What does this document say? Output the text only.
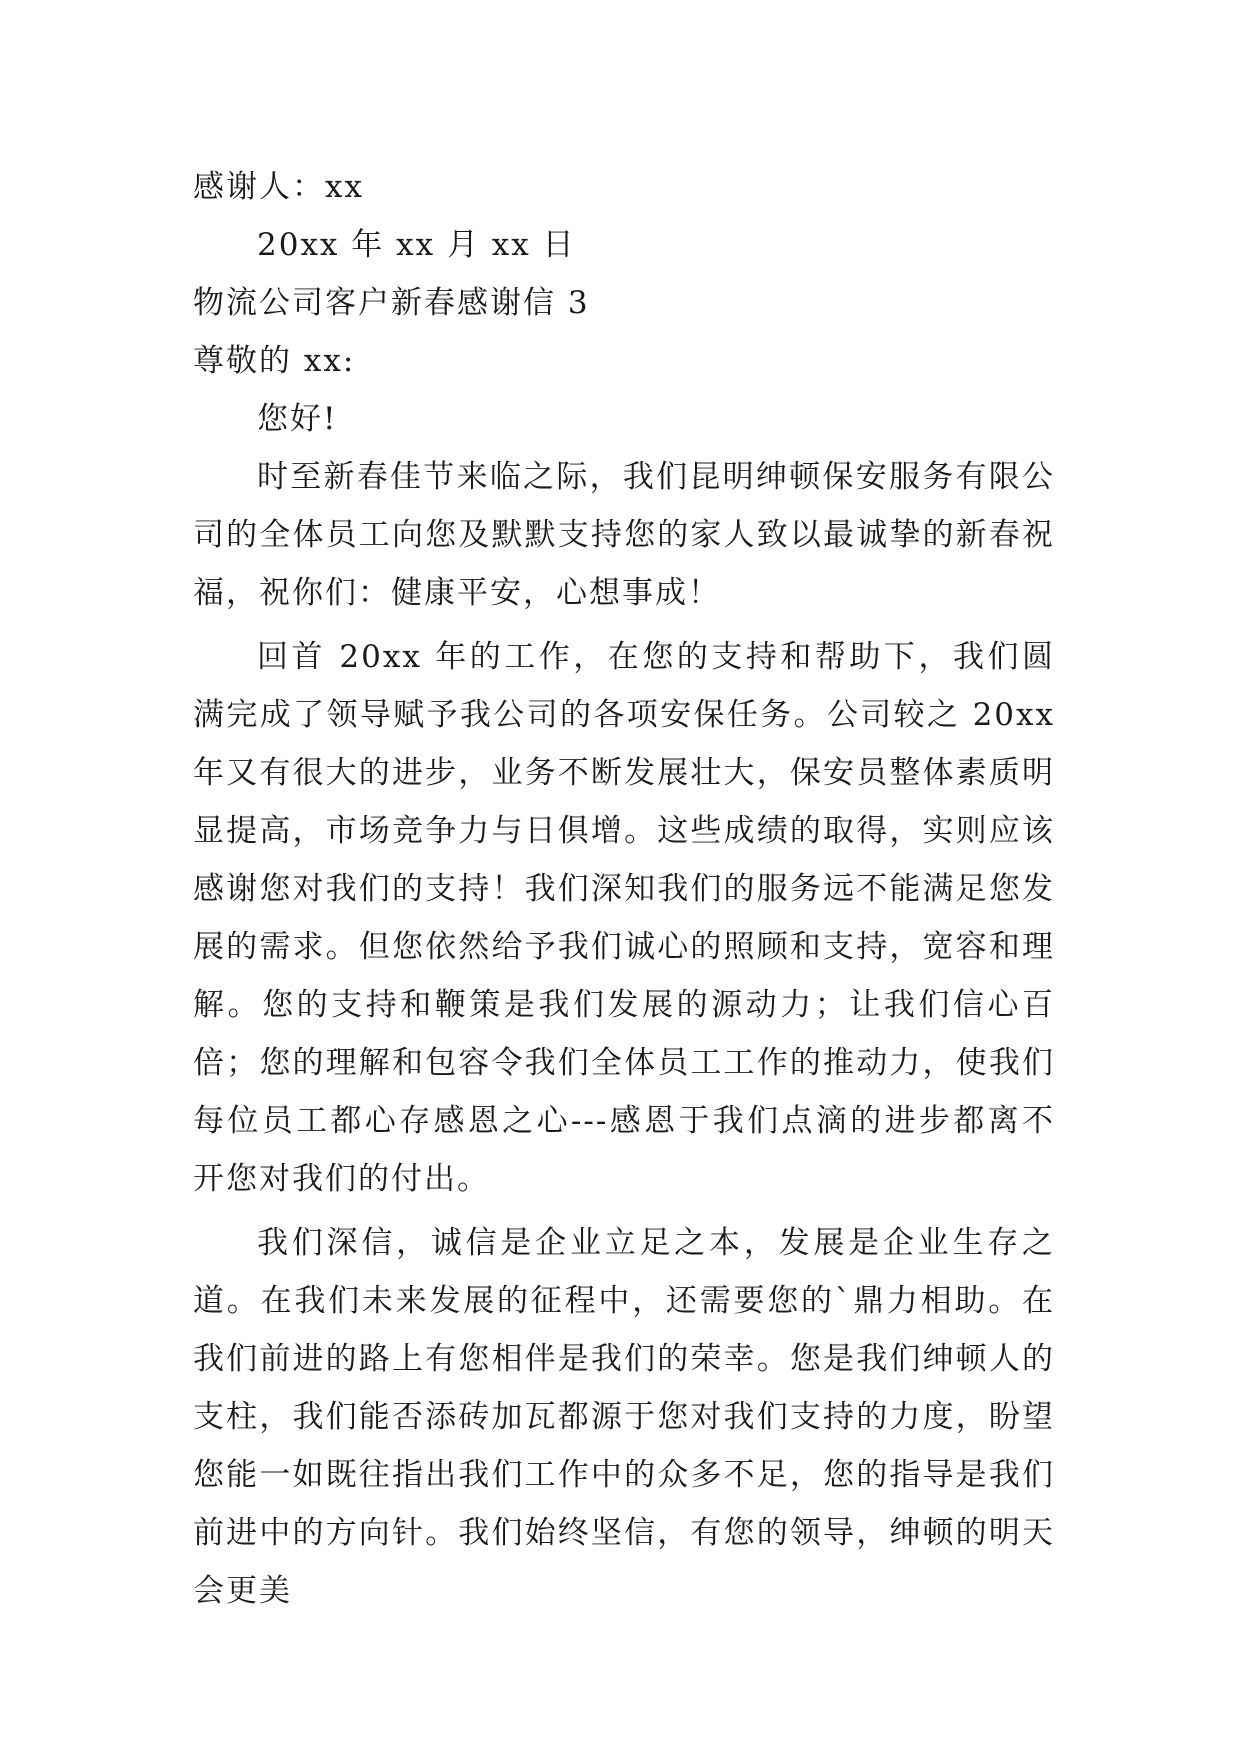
感谢人：xx
20xx 年 xx 月 xx 日
物流公司客户新春感谢信 3
尊敬的 xx:
您好!

时至新春佳节来临之际，我们昆明绅顿保安服务有限公司的全体员工向您及默默支持您的家人致以最诚挚的新春祝福，祝你们：健康平安，心想事成！

回首 20xx 年的工作，在您的支持和帮助下，我们圆满完成了领导赋予我公司的各项安保任务。公司较之 20xx 年又有很大的进步，业务不断发展壮大，保安员整体素质明显提高，市场竞争力与日俱增。这些成绩的取得，实则应该感谢您对我们的支持！我们深知我们的服务远不能满足您发展的需求。但您依然给予我们诚心的照顾和支持，宽容和理解。您的支持和鞭策是我们发展的源动力；让我们信心百倍；您的理解和包容令我们全体员工工作的推动力，使我们每位员工都心存感恩之心---感恩于我们点滴的进步都离不开您对我们的付出。

我们深信，诚信是企业立足之本，发展是企业生存之道。在我们未来发展的征程中，还需要您的`鼎力相助。在我们前进的路上有您相伴是我们的荣幸。您是我们绅顿人的支柱，我们能否添砖加瓦都源于您对我们支持的力度，盼望您能一如既往指出我们工作中的众多不足，您的指导是我们前进中的方向针。我们始终坚信，有您的领导，绅顿的明天会更美
